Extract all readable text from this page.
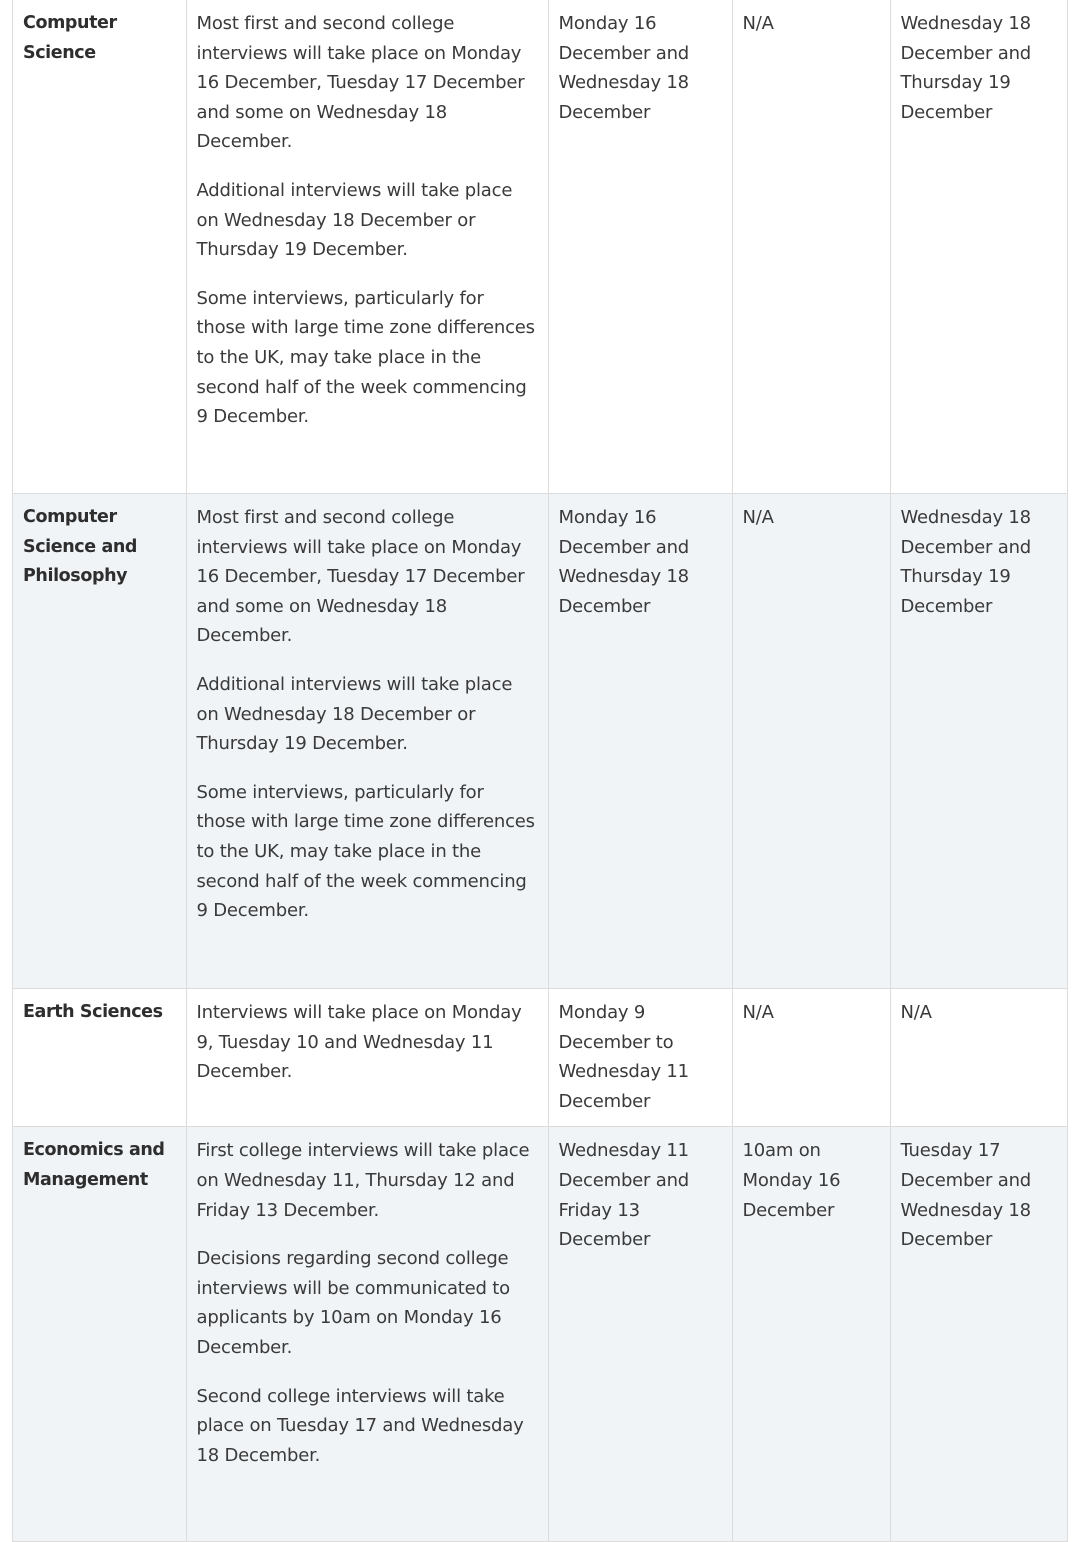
Computer Science	Most first and second college interviews will take place on Monday 16 December, Tuesday 17 December and some on Wednesday 18 December.

Additional interviews will take place on Wednesday 18 December or Thursday 19 December.

Some interviews, particularly for those with large time zone differences to the UK, may take place in the second half of the week commencing 9 December.	Monday 16 December and Wednesday 18 December	N/A	Wednesday 18 December and Thursday 19 December
Computer Science and Philosophy	Most first and second college interviews will take place on Monday 16 December, Tuesday 17 December and some on Wednesday 18 December.

Additional interviews will take place on Wednesday 18 December or Thursday 19 December.

Some interviews, particularly for those with large time zone differences to the UK, may take place in the second half of the week commencing 9 December.	Monday 16 December and Wednesday 18 December	N/A	Wednesday 18 December and Thursday 19 December
Earth Sciences	Interviews will take place on Monday 9, Tuesday 10 and Wednesday 11 December.	Monday 9 December to Wednesday 11 December	N/A	N/A
Economics and Management	First college interviews will take place on Wednesday 11, Thursday 12 and Friday 13 December.

Decisions regarding second college interviews will be communicated to applicants by 10am on Monday 16 December.

Second college interviews will take place on Tuesday 17 and Wednesday 18 December.	Wednesday 11 December and Friday 13 December	10am on Monday 16 December	Tuesday 17 December and Wednesday 18 December
